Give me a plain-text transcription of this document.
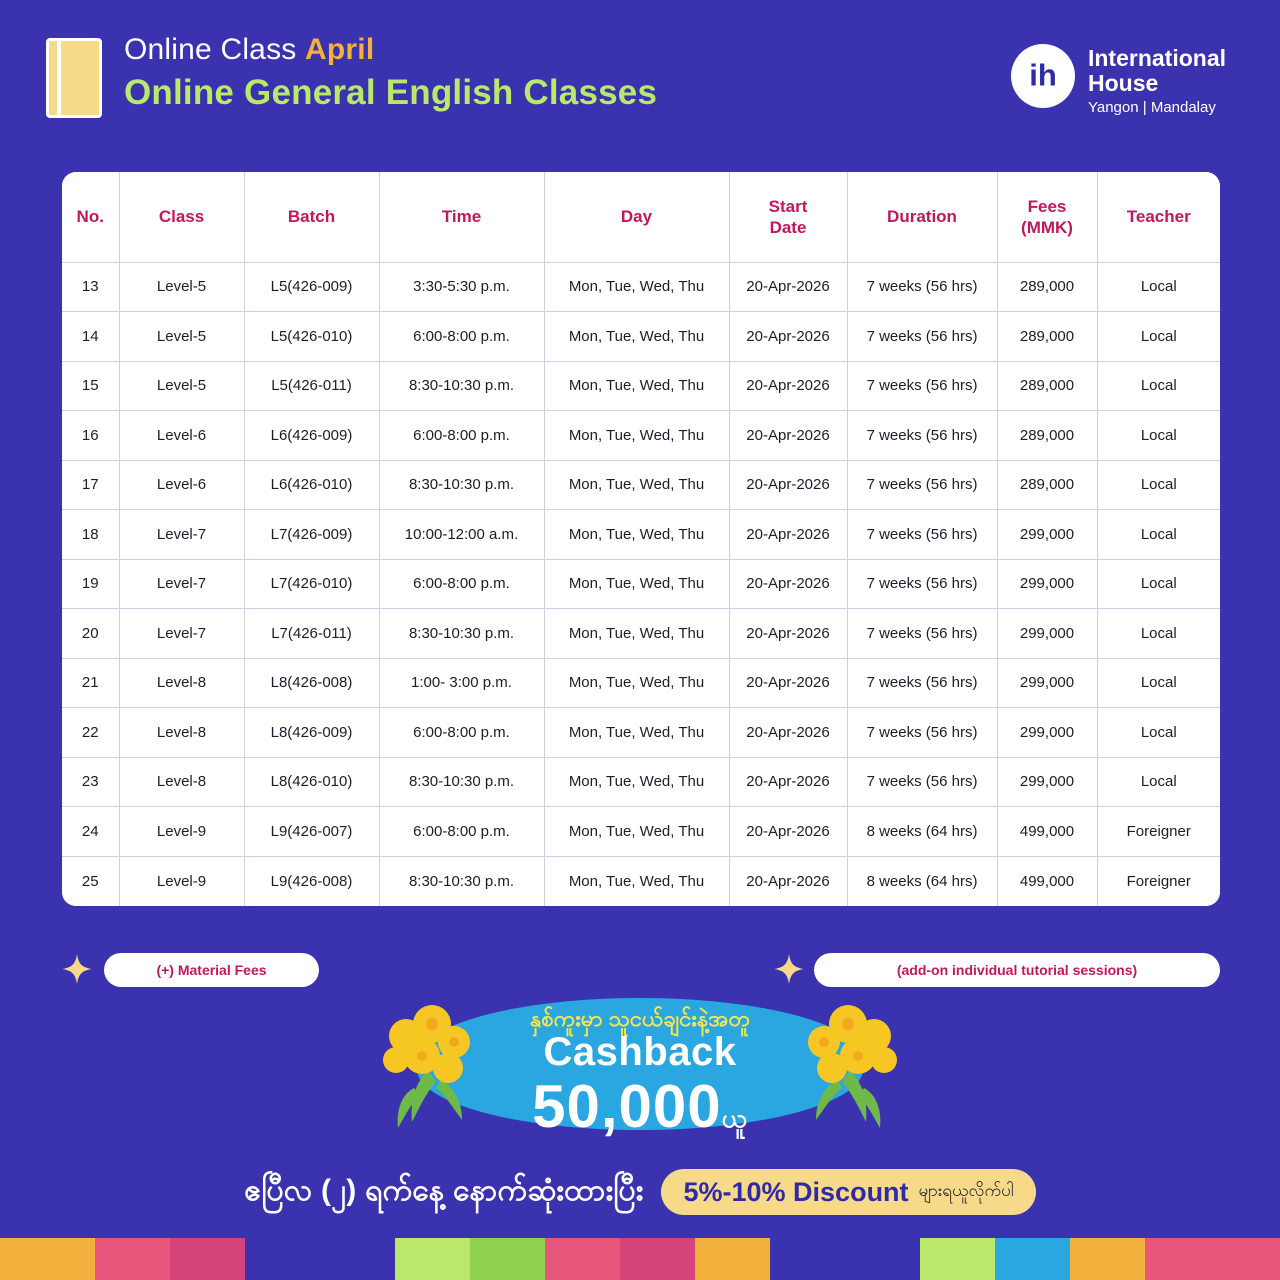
Online Class April
Online General English Classes	ih	International
House
Yangon | Mandalay
No.	Class	Batch	Time	Day	Start
Date	Duration	Fees
(MMK)	Teacher
13	Level-5	L5(426-009)	3:30-5:30 p.m.	Mon, Tue, Wed, Thu	20-Apr-2026	7 weeks (56 hrs)	289,000	Local
14	Level-5	L5(426-010)	6:00-8:00 p.m.	Mon, Tue, Wed, Thu	20-Apr-2026	7 weeks (56 hrs)	289,000	Local
15	Level-5	L5(426-011)	8:30-10:30 p.m.	Mon, Tue, Wed, Thu	20-Apr-2026	7 weeks (56 hrs)	289,000	Local
16	Level-6	L6(426-009)	6:00-8:00 p.m.	Mon, Tue, Wed, Thu	20-Apr-2026	7 weeks (56 hrs)	289,000	Local
17	Level-6	L6(426-010)	8:30-10:30 p.m.	Mon, Tue, Wed, Thu	20-Apr-2026	7 weeks (56 hrs)	289,000	Local
18	Level-7	L7(426-009)	10:00-12:00 a.m.	Mon, Tue, Wed, Thu	20-Apr-2026	7 weeks (56 hrs)	299,000	Local
19	Level-7	L7(426-010)	6:00-8:00 p.m.	Mon, Tue, Wed, Thu	20-Apr-2026	7 weeks (56 hrs)	299,000	Local
20	Level-7	L7(426-011)	8:30-10:30 p.m.	Mon, Tue, Wed, Thu	20-Apr-2026	7 weeks (56 hrs)	299,000	Local
21	Level-8	L8(426-008)	1:00- 3:00 p.m.	Mon, Tue, Wed, Thu	20-Apr-2026	7 weeks (56 hrs)	299,000	Local
22	Level-8	L8(426-009)	6:00-8:00 p.m.	Mon, Tue, Wed, Thu	20-Apr-2026	7 weeks (56 hrs)	299,000	Local
23	Level-8	L8(426-010)	8:30-10:30 p.m.	Mon, Tue, Wed, Thu	20-Apr-2026	7 weeks (56 hrs)	299,000	Local
24	Level-9	L9(426-007)	6:00-8:00 p.m.	Mon, Tue, Wed, Thu	20-Apr-2026	8 weeks (64 hrs)	499,000	Foreigner
25	Level-9	L9(426-008)	8:30-10:30 p.m.	Mon, Tue, Wed, Thu	20-Apr-2026	8 weeks (64 hrs)	499,000	Foreigner
(+) Material Fees	(add-on individual tutorial sessions)
နှစ်ကူးမှာ သူငယ်ချင်းနဲ့အတူ
Cashback
50,000ယူ
ဧပြီလ (၂) ရက်နေ့ နောက်ဆုံးထားပြီး 5%-10% Discount များရယူလိုက်ပါ
